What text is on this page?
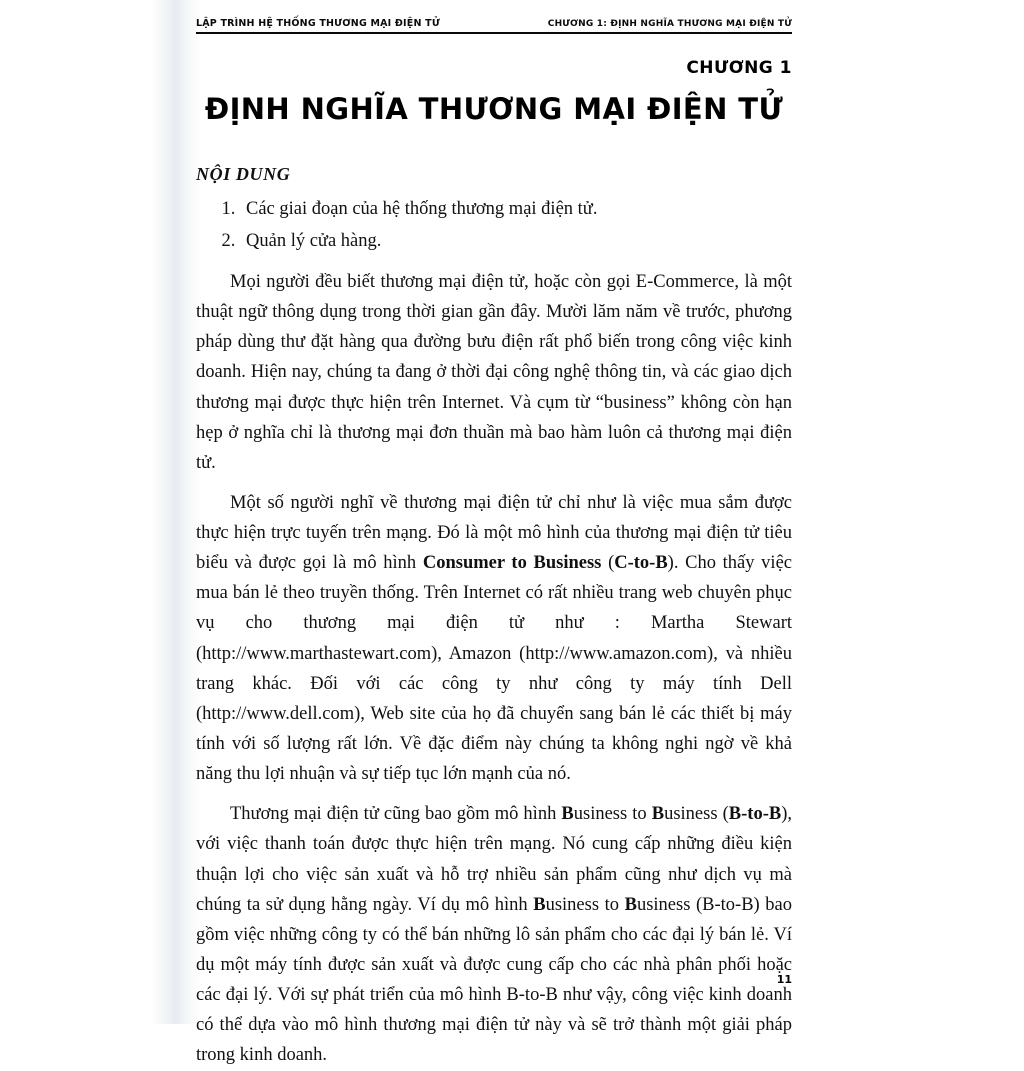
LẬP TRÌNH HỆ THỐNG THƯƠNG MẠI ĐIỆN TỬ	CHƯƠNG 1: ĐỊNH NGHĨA THƯƠNG MẠI ĐIỆN TỬ
CHƯƠNG 1
ĐỊNH NGHĨA THƯƠNG MẠI ĐIỆN TỬ
NỘI DUNG
1. Các giai đoạn của hệ thống thương mại điện tử.
2. Quản lý cửa hàng.

Mọi người đều biết thương mại điện tử, hoặc còn gọi E-Commerce, là một thuật ngữ thông dụng trong thời gian gần đây. Mười lăm năm về trước, phương pháp dùng thư đặt hàng qua đường bưu điện rất phổ biến trong công việc kinh doanh. Hiện nay, chúng ta đang ở thời đại công nghệ thông tin, và các giao dịch thương mại được thực hiện trên Internet. Và cụm từ “business” không còn hạn hẹp ở nghĩa chỉ là thương mại đơn thuần mà bao hàm luôn cả thương mại điện tử.

Một số người nghĩ về thương mại điện tử chỉ như là việc mua sắm được thực hiện trực tuyến trên mạng. Đó là một mô hình của thương mại điện tử tiêu biểu và được gọi là mô hình Consumer to Business (C-to-B). Cho thấy việc mua bán lẻ theo truyền thống. Trên Internet có rất nhiều trang web chuyên phục vụ cho thương mại điện tử như : Martha Stewart (http://www.marthastewart.com), Amazon (http://www.amazon.com), và nhiều trang khác. Đối với các công ty như công ty máy tính Dell (http://www.dell.com), Web site của họ đã chuyển sang bán lẻ các thiết bị máy tính với số lượng rất lớn. Về đặc điểm này chúng ta không nghi ngờ về khả năng thu lợi nhuận và sự tiếp tục lớn mạnh của nó.

Thương mại điện tử cũng bao gồm mô hình Business to Business (B-to-B), với việc thanh toán được thực hiện trên mạng. Nó cung cấp những điều kiện thuận lợi cho việc sản xuất và hỗ trợ nhiều sản phẩm cũng như dịch vụ mà chúng ta sử dụng hằng ngày. Ví dụ mô hình Business to Business (B-to-B) bao gồm việc những công ty có thể bán những lô sản phẩm cho các đại lý bán lẻ. Ví dụ một máy tính được sản xuất và được cung cấp cho các nhà phân phối hoặc các đại lý. Với sự phát triển của mô hình B-to-B như vậy, công việc kinh doanh có thể dựa vào mô hình thương mại điện tử này và sẽ trở thành một giải pháp trong kinh doanh.

11
